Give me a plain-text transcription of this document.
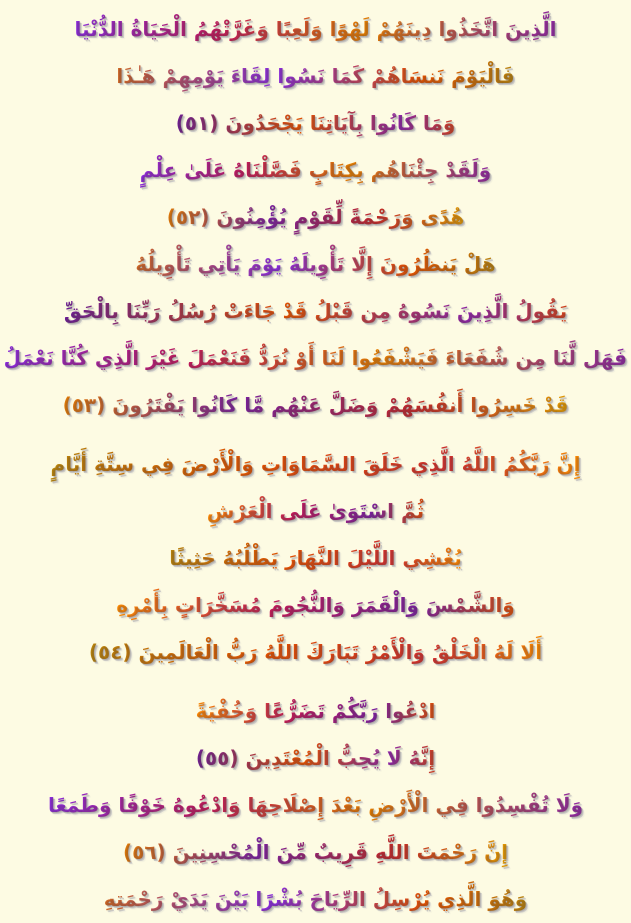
الَّذِينَ اتَّخَذُوا دِينَهُمْ لَهْوًا وَلَعِبًا وَغَرَّتْهُمُ الْحَيَاةُ الدُّنْيَا
فَالْيَوْمَ نَنسَاهُمْ كَمَا نَسُوا لِقَاءَ يَوْمِهِمْ هَـٰذَا
وَمَا كَانُوا بِآيَاتِنَا يَجْحَدُونَ (٥١)
وَلَقَدْ جِئْنَاهُم بِكِتَابٍ فَصَّلْنَاهُ عَلَىٰ عِلْمٍ
هُدًى وَرَحْمَةً لِّقَوْمٍ يُؤْمِنُونَ (٥٢)
هَلْ يَنظُرُونَ إِلَّا تَأْوِيلَهُ يَوْمَ يَأْتِي تَأْوِيلُهُ
يَقُولُ الَّذِينَ نَسُوهُ مِن قَبْلُ قَدْ جَاءَتْ رُسُلُ رَبِّنَا بِالْحَقِّ
فَهَل لَّنَا مِن شُفَعَاءَ فَيَشْفَعُوا لَنَا أَوْ نُرَدُّ فَنَعْمَلَ غَيْرَ الَّذِي كُنَّا نَعْمَلُ
قَدْ خَسِرُوا أَنفُسَهُمْ وَضَلَّ عَنْهُم مَّا كَانُوا يَفْتَرُونَ (٥٣)
إِنَّ رَبَّكُمُ اللَّهُ الَّذِي خَلَقَ السَّمَاوَاتِ وَالْأَرْضَ فِي سِتَّةِ أَيَّامٍ
ثُمَّ اسْتَوَىٰ عَلَى الْعَرْشِ
يُغْشِي اللَّيْلَ النَّهَارَ يَطْلُبُهُ حَثِيثًا
وَالشَّمْسَ وَالْقَمَرَ وَالنُّجُومَ مُسَخَّرَاتٍ بِأَمْرِهِ
أَلَا لَهُ الْخَلْقُ وَالْأَمْرُ تَبَارَكَ اللَّهُ رَبُّ الْعَالَمِينَ (٥٤)
ادْعُوا رَبَّكُمْ تَضَرُّعًا وَخُفْيَةً
إِنَّهُ لَا يُحِبُّ الْمُعْتَدِينَ (٥٥)
وَلَا تُفْسِدُوا فِي الْأَرْضِ بَعْدَ إِصْلَاحِهَا وَادْعُوهُ خَوْفًا وَطَمَعًا
إِنَّ رَحْمَتَ اللَّهِ قَرِيبٌ مِّنَ الْمُحْسِنِينَ (٥٦)
وَهُوَ الَّذِي يُرْسِلُ الرِّيَاحَ بُشْرًا بَيْنَ يَدَيْ رَحْمَتِهِ
